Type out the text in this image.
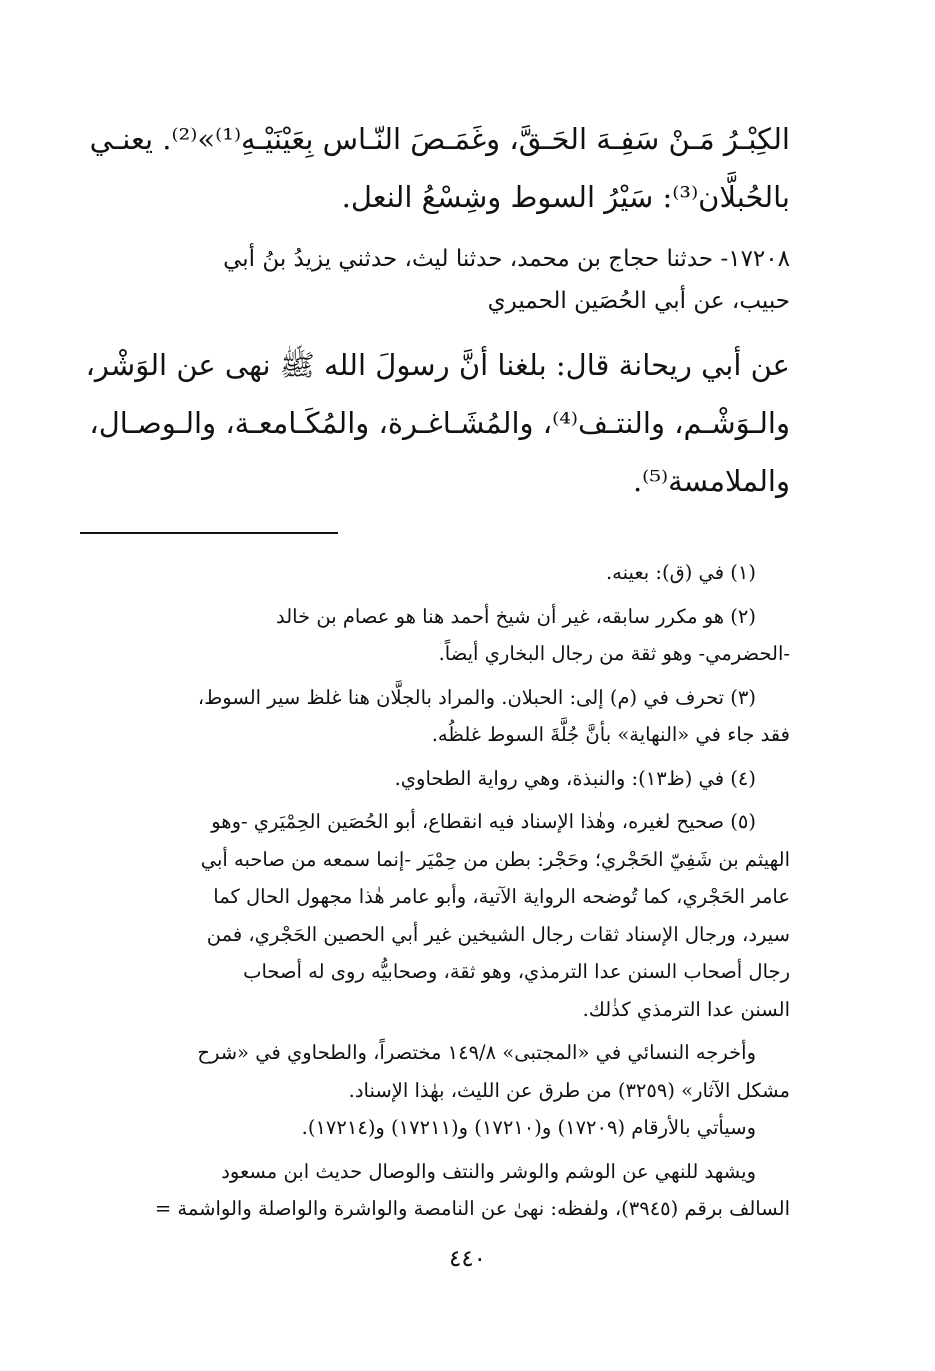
الكِبْـرُ مَـنْ سَفِـهَ الحَـقَّ، وغَمَـصَ النّـاس بِعَيْنَيْـهِ⁽¹⁾»⁽²⁾. يعنـي

بالحُبلَّان⁽³⁾: سَيْرُ السوط وشِسْعُ النعل.

١٧٢٠٨- حدثنا حجاج بن محمد، حدثنا ليث، حدثني يزيدُ بنُ أبي

حبيب، عن أبي الحُصَين الحميري

عن أبي ريحانة قال: بلغنا أنَّ رسولَ الله ﷺ نهى عن الوَشْر،

والـوَشْـم، والنتـف⁽⁴⁾، والمُشَـاغـرة، والمُكَـامعـة، والـوصـال،

والملامسة⁽⁵⁾.

(١) في (ق): بعينه.

(٢) هو مكرر سابقه، غير أن شيخ أحمد هنا هو عصام بن خالد

-الحضرمي- وهو ثقة من رجال البخاري أيضاً.

(٣) تحرف في (م) إلى: الحبلان. والمراد بالجلَّان هنا غلظ سير السوط،

فقد جاء في «النهاية» بأنَّ جُلَّةَ السوط غلظُه.

(٤) في (ظ١٣): والنبذة، وهي رواية الطحاوي.

(٥) صحيح لغيره، وهٰذا الإسناد فيه انقطاع، أبو الحُصَين الحِمْيَري -وهو

الهيثم بن شَفِيّ الحَجْري؛ وحَجْر: بطن من حِمْيَر -إنما سمعه من صاحبه أبي

عامر الحَجْري، كما تُوضحه الرواية الآتية، وأبو عامر هٰذا مجهول الحال كما

سيرد، ورجال الإسناد ثقات رجال الشيخين غير أبي الحصين الحَجْري، فمن

رجال أصحاب السنن عدا الترمذي، وهو ثقة، وصحابيُّه روى له أصحاب

السنن عدا الترمذي كذٰلك.

وأخرجه النسائي في «المجتبى» ١٤٩/٨ مختصراً، والطحاوي في «شرح

مشكل الآثار» (٣٢٥٩) من طرق عن الليث، بهٰذا الإسناد.

وسيأتي بالأرقام (١٧٢٠٩) و(١٧٢١٠) و(١٧٢١١) و(١٧٢١٤).

ويشهد للنهي عن الوشم والوشر والنتف والوصال حديث ابن مسعود

السالف برقم (٣٩٤٥)، ولفظه: نهىٰ عن النامصة والواشرة والواصلة والواشمة =

٤٤٠
